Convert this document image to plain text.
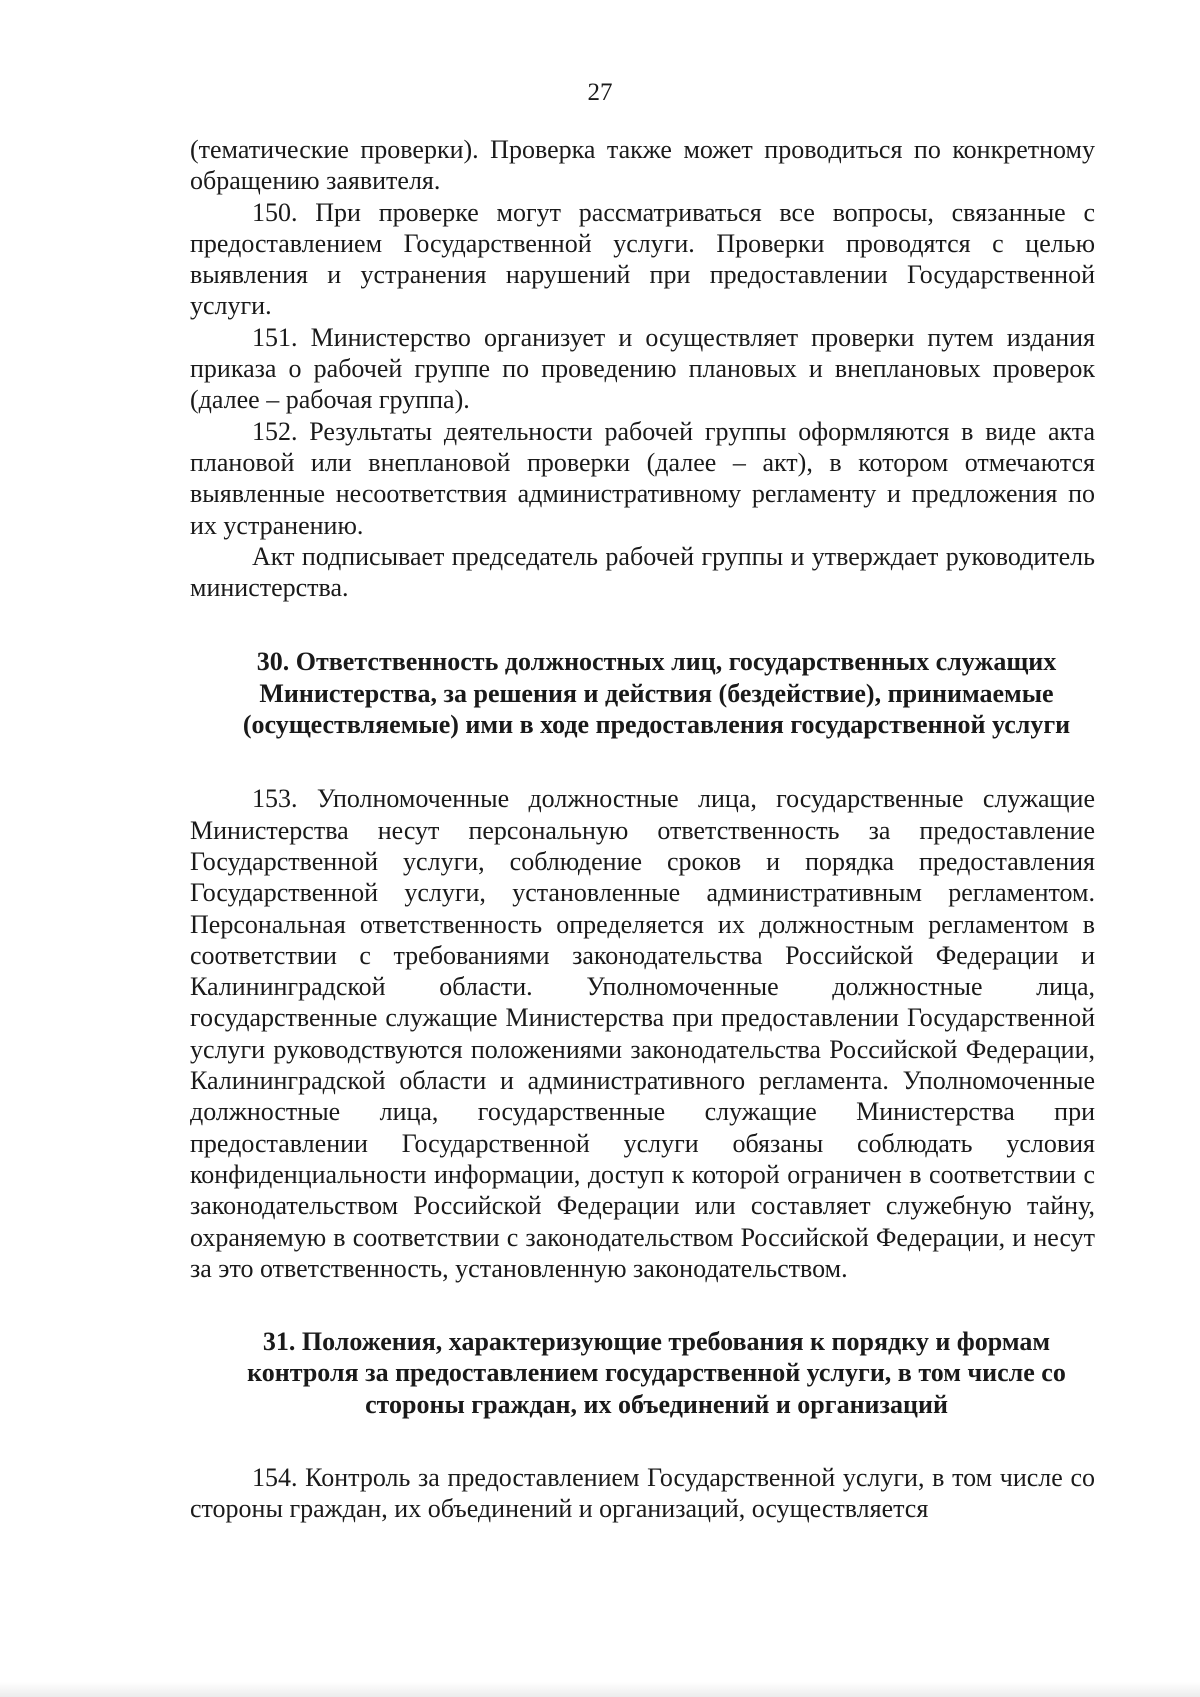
27

(тематические проверки). Проверка также может проводиться по конкретному обращению заявителя.

150. При проверке могут рассматриваться все вопросы, связанные с предоставлением Государственной услуги. Проверки проводятся с целью выявления и устранения нарушений при предоставлении Государственной услуги.

151. Министерство организует и осуществляет проверки путем издания приказа о рабочей группе по проведению плановых и внеплановых проверок (далее – рабочая группа).

152. Результаты деятельности рабочей группы оформляются в виде акта плановой или внеплановой проверки (далее – акт), в котором отмечаются выявленные несоответствия административному регламенту и предложения по их устранению.

Акт подписывает председатель рабочей группы и утверждает руководитель министерства.

30. Ответственность должностных лиц, государственных служащих Министерства, за решения и действия (бездействие), принимаемые (осуществляемые) ими в ходе предоставления государственной услуги

153. Уполномоченные должностные лица, государственные служащие Министерства несут персональную ответственность за предоставление Государственной услуги, соблюдение сроков и порядка предоставления Государственной услуги, установленные административным регламентом. Персональная ответственность определяется их должностным регламентом в соответствии с требованиями законодательства Российской Федерации и Калининградской области. Уполномоченные должностные лица, государственные служащие Министерства при предоставлении Государственной услуги руководствуются положениями законодательства Российской Федерации, Калининградской области и административного регламента. Уполномоченные должностные лица, государственные служащие Министерства при предоставлении Государственной услуги обязаны соблюдать условия конфиденциальности информации, доступ к которой ограничен в соответствии с законодательством Российской Федерации или составляет служебную тайну, охраняемую в соответствии с законодательством Российской Федерации, и несут за это ответственность, установленную законодательством.

31. Положения, характеризующие требования к порядку и формам контроля за предоставлением государственной услуги, в том числе со стороны граждан, их объединений и организаций

154. Контроль за предоставлением Государственной услуги, в том числе со стороны граждан, их объединений и организаций, осуществляется
